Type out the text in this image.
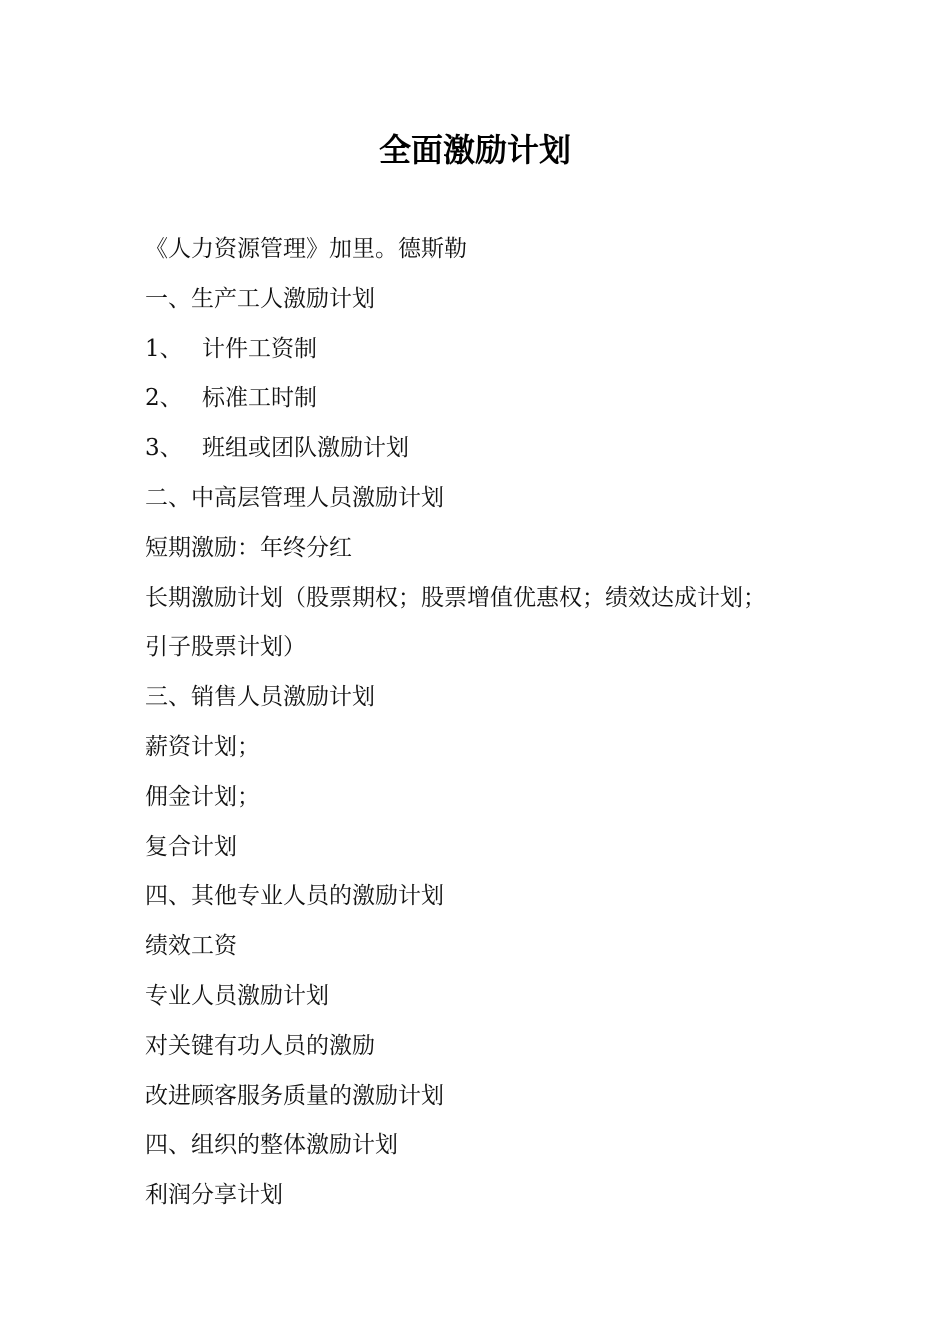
全面激励计划
《人力资源管理》加里。德斯勒
一、生产工人激励计划
1、 计件工资制
2、 标准工时制
3、 班组或团队激励计划
二、中高层管理人员激励计划
短期激励：年终分红
长期激励计划（股票期权；股票增值优惠权；绩效达成计划；
引子股票计划）
三、销售人员激励计划
薪资计划；
佣金计划；
复合计划
四、其他专业人员的激励计划
绩效工资
专业人员激励计划
对关键有功人员的激励
改进顾客服务质量的激励计划
四、组织的整体激励计划
利润分享计划
